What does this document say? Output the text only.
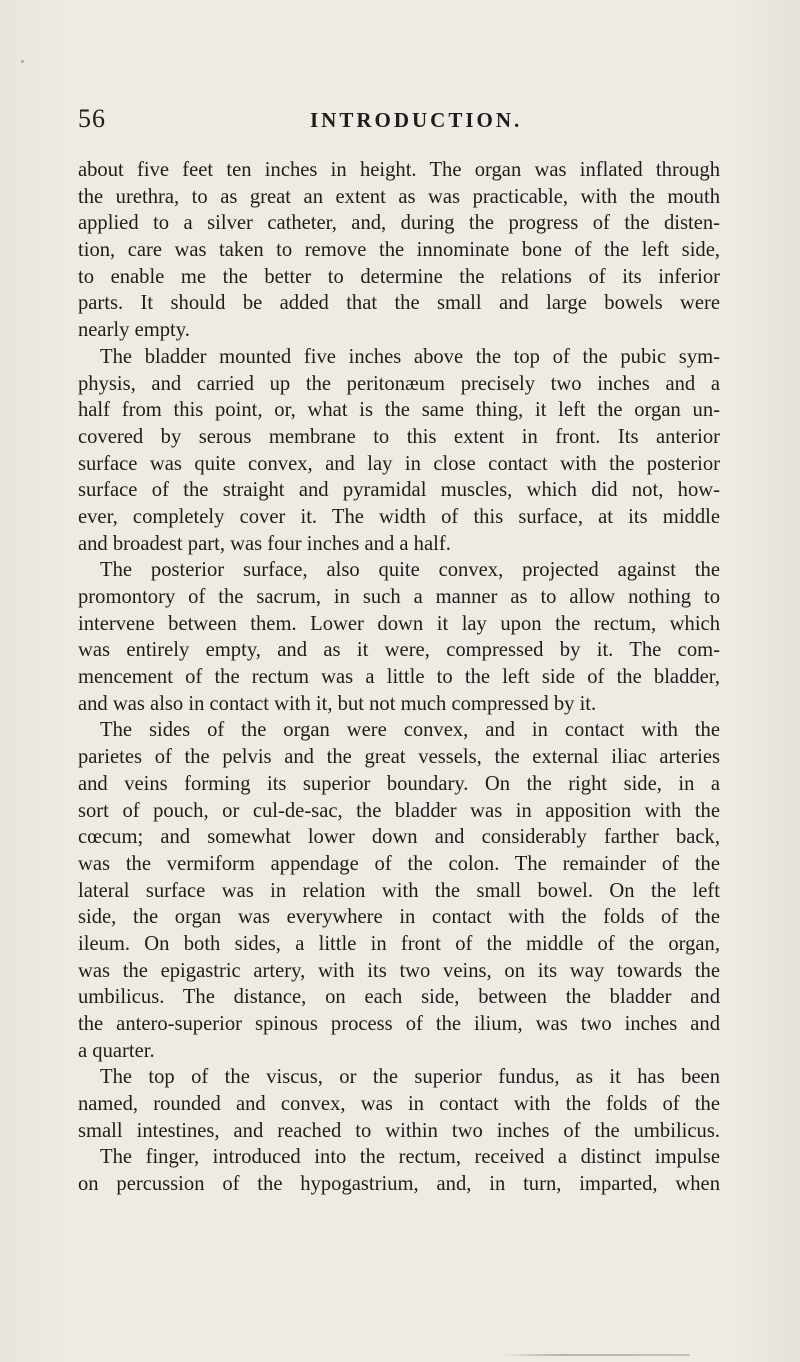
56	INTRODUCTION.
about five feet ten inches in height. The organ was inflated through
the urethra, to as great an extent as was practicable, with the mouth
applied to a silver catheter, and, during the progress of the disten-
tion, care was taken to remove the innominate bone of the left side,
to enable me the better to determine the relations of its inferior
parts. It should be added that the small and large bowels were
nearly empty.
The bladder mounted five inches above the top of the pubic sym-
physis, and carried up the peritonæum precisely two inches and a
half from this point, or, what is the same thing, it left the organ un-
covered by serous membrane to this extent in front. Its anterior
surface was quite convex, and lay in close contact with the posterior
surface of the straight and pyramidal muscles, which did not, how-
ever, completely cover it. The width of this surface, at its middle
and broadest part, was four inches and a half.
The posterior surface, also quite convex, projected against the
promontory of the sacrum, in such a manner as to allow nothing to
intervene between them. Lower down it lay upon the rectum, which
was entirely empty, and as it were, compressed by it. The com-
mencement of the rectum was a little to the left side of the bladder,
and was also in contact with it, but not much compressed by it.
The sides of the organ were convex, and in contact with the
parietes of the pelvis and the great vessels, the external iliac arteries
and veins forming its superior boundary. On the right side, in a
sort of pouch, or cul-de-sac, the bladder was in apposition with the
cœcum; and somewhat lower down and considerably farther back,
was the vermiform appendage of the colon. The remainder of the
lateral surface was in relation with the small bowel. On the left
side, the organ was everywhere in contact with the folds of the
ileum. On both sides, a little in front of the middle of the organ,
was the epigastric artery, with its two veins, on its way towards the
umbilicus. The distance, on each side, between the bladder and
the antero-superior spinous process of the ilium, was two inches and
a quarter.
The top of the viscus, or the superior fundus, as it has been
named, rounded and convex, was in contact with the folds of the
small intestines, and reached to within two inches of the umbilicus.
The finger, introduced into the rectum, received a distinct impulse
on percussion of the hypogastrium, and, in turn, imparted, when
